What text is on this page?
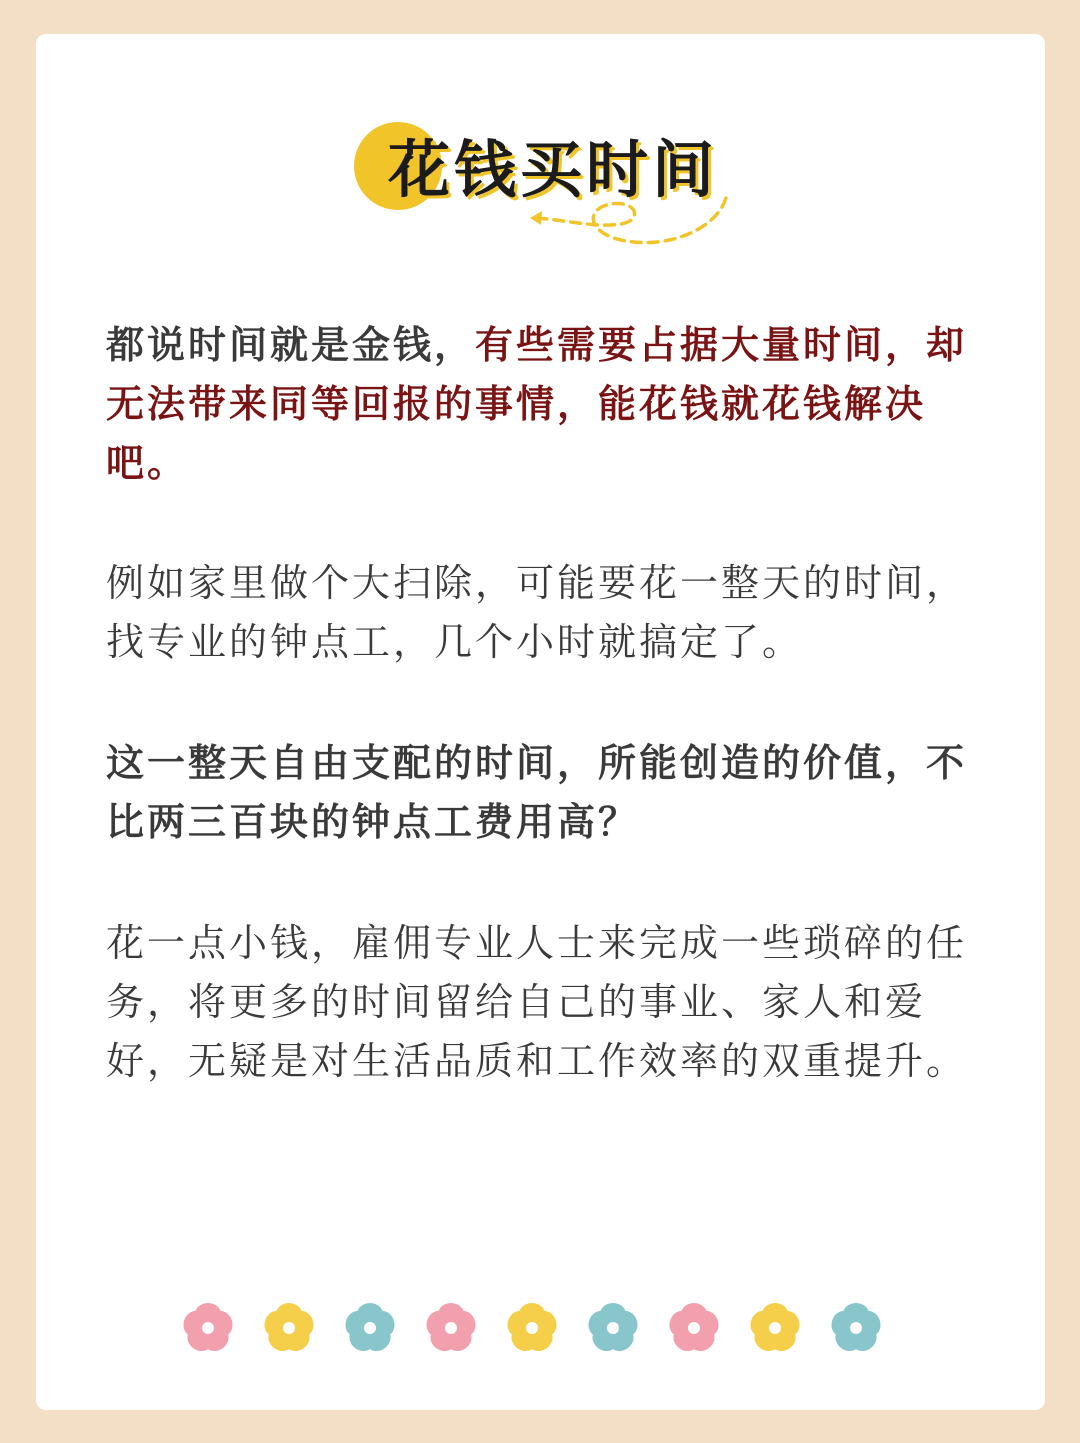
花钱买时间

都说时间就是金钱，有些需要占据大量时间，却无法带来同等回报的事情，能花钱就花钱解决吧。

例如家里做个大扫除，可能要花一整天的时间，找专业的钟点工，几个小时就搞定了。

这一整天自由支配的时间，所能创造的价值，不比两三百块的钟点工费用高？

花一点小钱，雇佣专业人士来完成一些琐碎的任务，将更多的时间留给自己的事业、家人和爱好，无疑是对生活品质和工作效率的双重提升。
